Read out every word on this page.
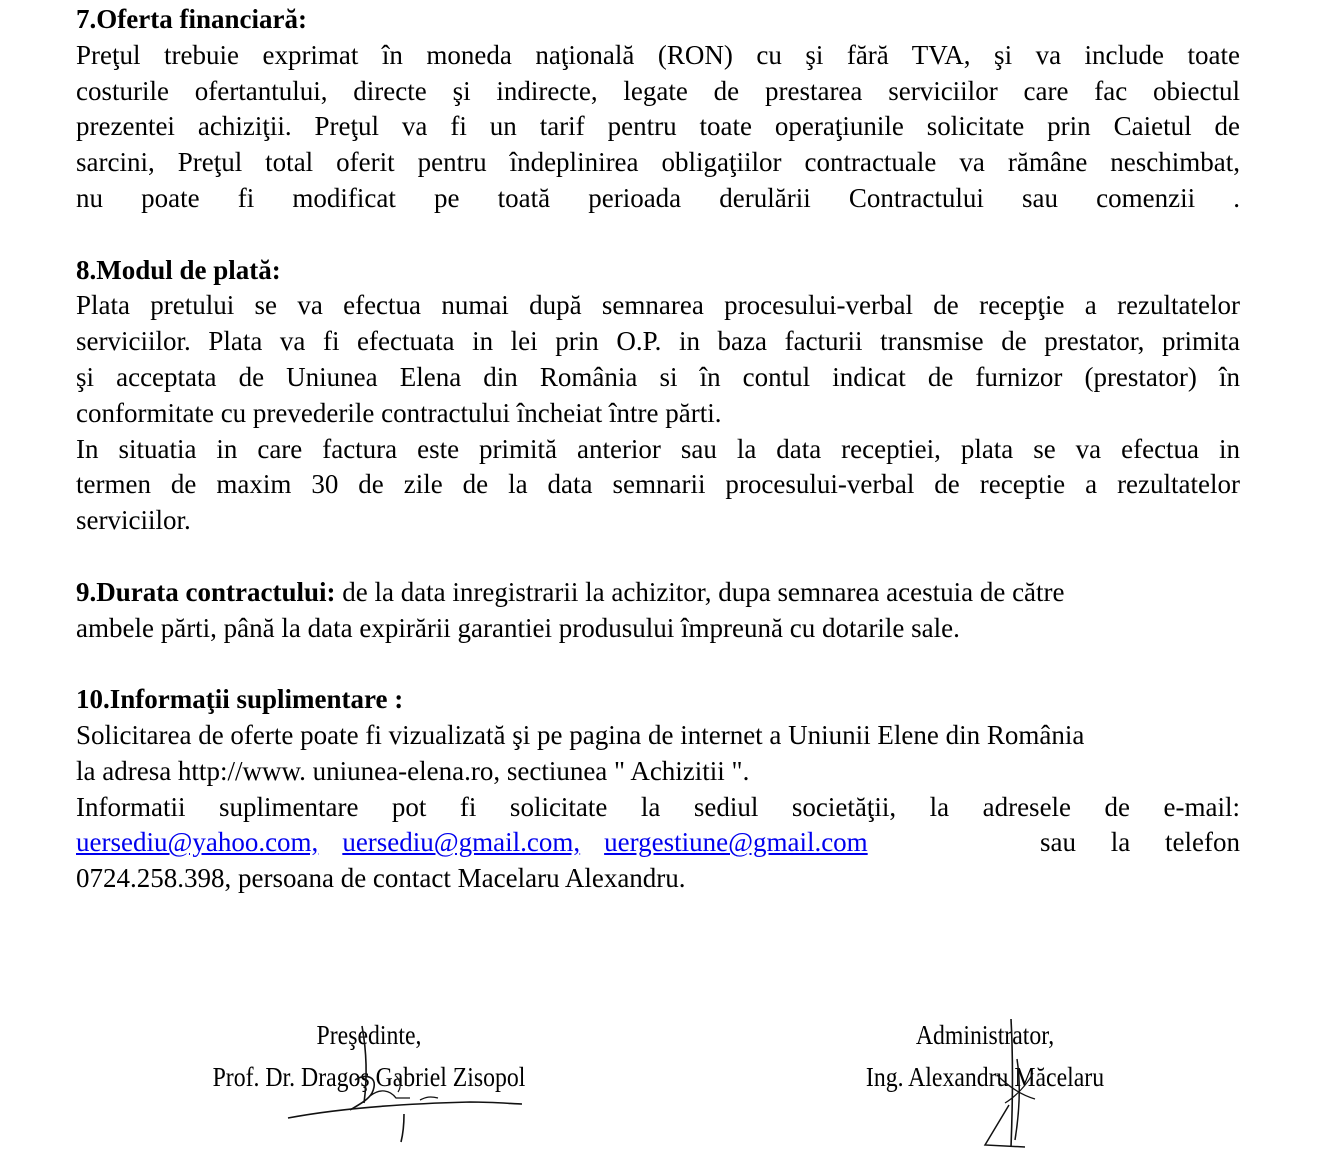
7.Oferta financiară:
Preţul trebuie exprimat în moneda naţională (RON) cu şi fără TVA, şi va include toate
costurile ofertantului, directe şi indirecte, legate de prestarea serviciilor care fac obiectul
prezentei achiziţii. Preţul va fi un tarif pentru toate operaţiunile solicitate prin Caietul de
sarcini, Preţul total oferit pentru îndeplinirea obligaţiilor contractuale va rămâne neschimbat,
nu poate fi modificat pe toată perioada derulării Contractului sau comenzii .
8.Modul de plată:
Plata pretului se va efectua numai după semnarea procesului-verbal de recepţie a rezultatelor
serviciilor. Plata va fi efectuata in lei prin O.P. in baza facturii transmise de prestator, primita
şi acceptata de Uniunea Elena din România si în contul indicat de furnizor (prestator) în
conformitate cu prevederile contractului încheiat între părti.
In situatia in care factura este primită anterior sau la data receptiei, plata se va efectua in
termen de maxim 30 de zile de la data semnarii procesului-verbal de receptie a rezultatelor
serviciilor.
9.Durata contractului: de la data inregistrarii la achizitor, dupa semnarea acestuia de către
ambele părti, până la data expirării garantiei produsului împreună cu dotarile sale.
10.Informaţii suplimentare :
Solicitarea de oferte poate fi vizualizată şi pe pagina de internet a Uniunii Elene din România
la adresa http://www. uniunea-elena.ro, sectiunea " Achizitii ".
Informatii suplimentare pot fi solicitate la sediul societăţii, la adresele de e-mail:
uersediu@yahoo.com, uersediu@gmail.com, uergestiune@gmail.com	sau la telefon
0724.258.398, persoana de contact Macelaru Alexandru.
Preşedinte,
Prof. Dr. Dragoş Gabriel Zisopol
Administrator,
Ing. Alexandru Măcelaru
